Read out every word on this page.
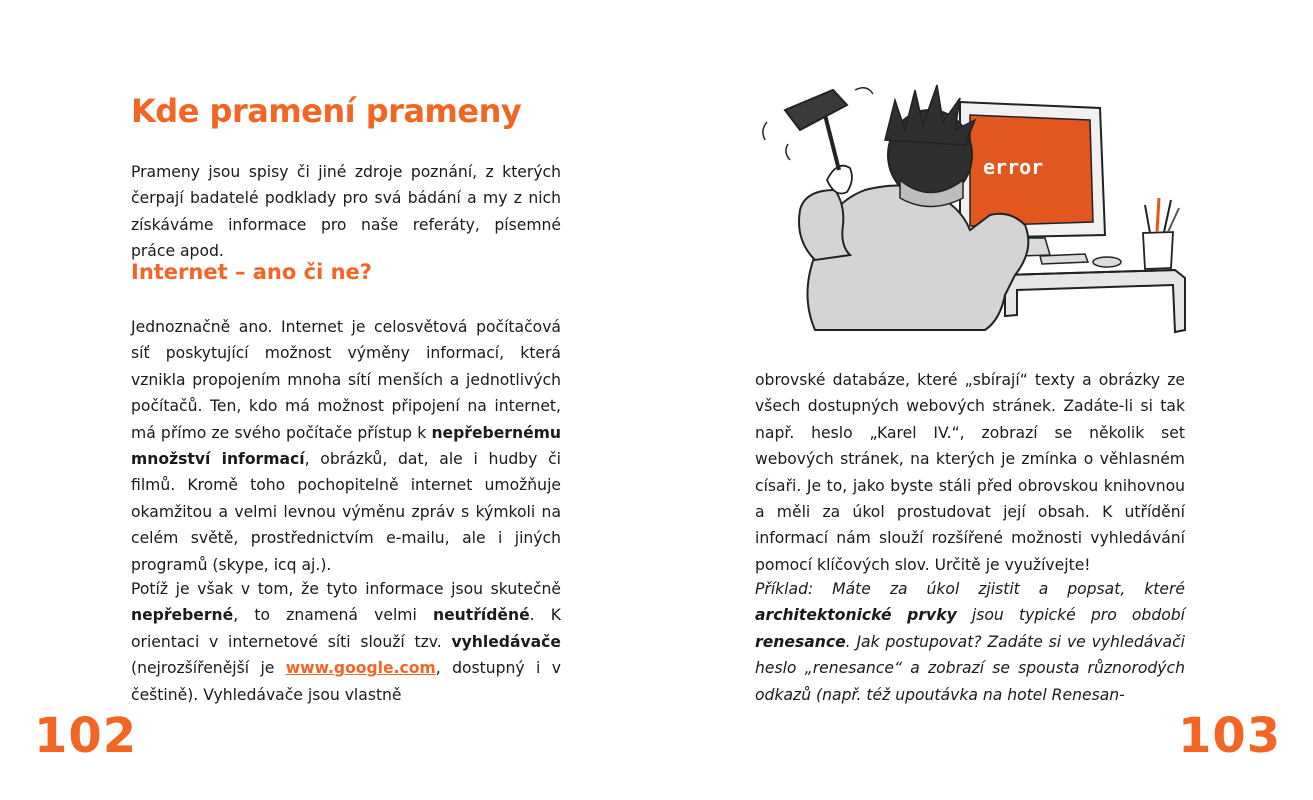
Kde pramení prameny

Prameny jsou spisy či jiné zdroje poznání, z kterých čerpají badatelé podklady pro svá bádání a my z nich získáváme informace pro naše referáty, písemné práce apod.

Internet – ano či ne?

Jednoznačně ano. Internet je celosvětová počítačová síť poskytující možnost výměny informací, která vznikla propojením mnoha sítí menších a jednotlivých počítačů. Ten, kdo má možnost připojení na internet, má přímo ze svého počítače přístup k nepřebernému množství informací, obrázků, dat, ale i hudby či filmů. Kromě toho pochopitelně internet umožňuje okamžitou a velmi levnou výměnu zpráv s kýmkoli na celém světě, prostřednictvím e-mailu, ale i jiných programů (skype, icq aj.).

Potíž je však v tom, že tyto informace jsou skutečně nepřeberné, to znamená velmi neutříděné. K orientaci v internetové síti slouží tzv. vyhledávače (nejrozšířenější je www.google.com, dostupný i v češtině). Vyhledávače jsou vlastně

102
error

obrovské databáze, které „sbírají“ texty a obrázky ze všech dostupných webových stránek. Zadáte-li si tak např. heslo „Karel IV.“, zobrazí se několik set webových stránek, na kterých je zmínka o věhlasném císaři. Je to, jako byste stáli před obrovskou knihovnou a měli za úkol prostudovat její obsah. K utřídění informací nám slouží rozšířené možnosti vyhledávání pomocí klíčových slov. Určitě je využívejte!

Příklad: Máte za úkol zjistit a popsat, které architektonické prvky jsou typické pro období renesance. Jak postupovat? Zadáte si ve vyhledávači heslo „renesance“ a zobrazí se spousta různorodých odkazů (např. též upoutávka na hotel Renesan-

103
